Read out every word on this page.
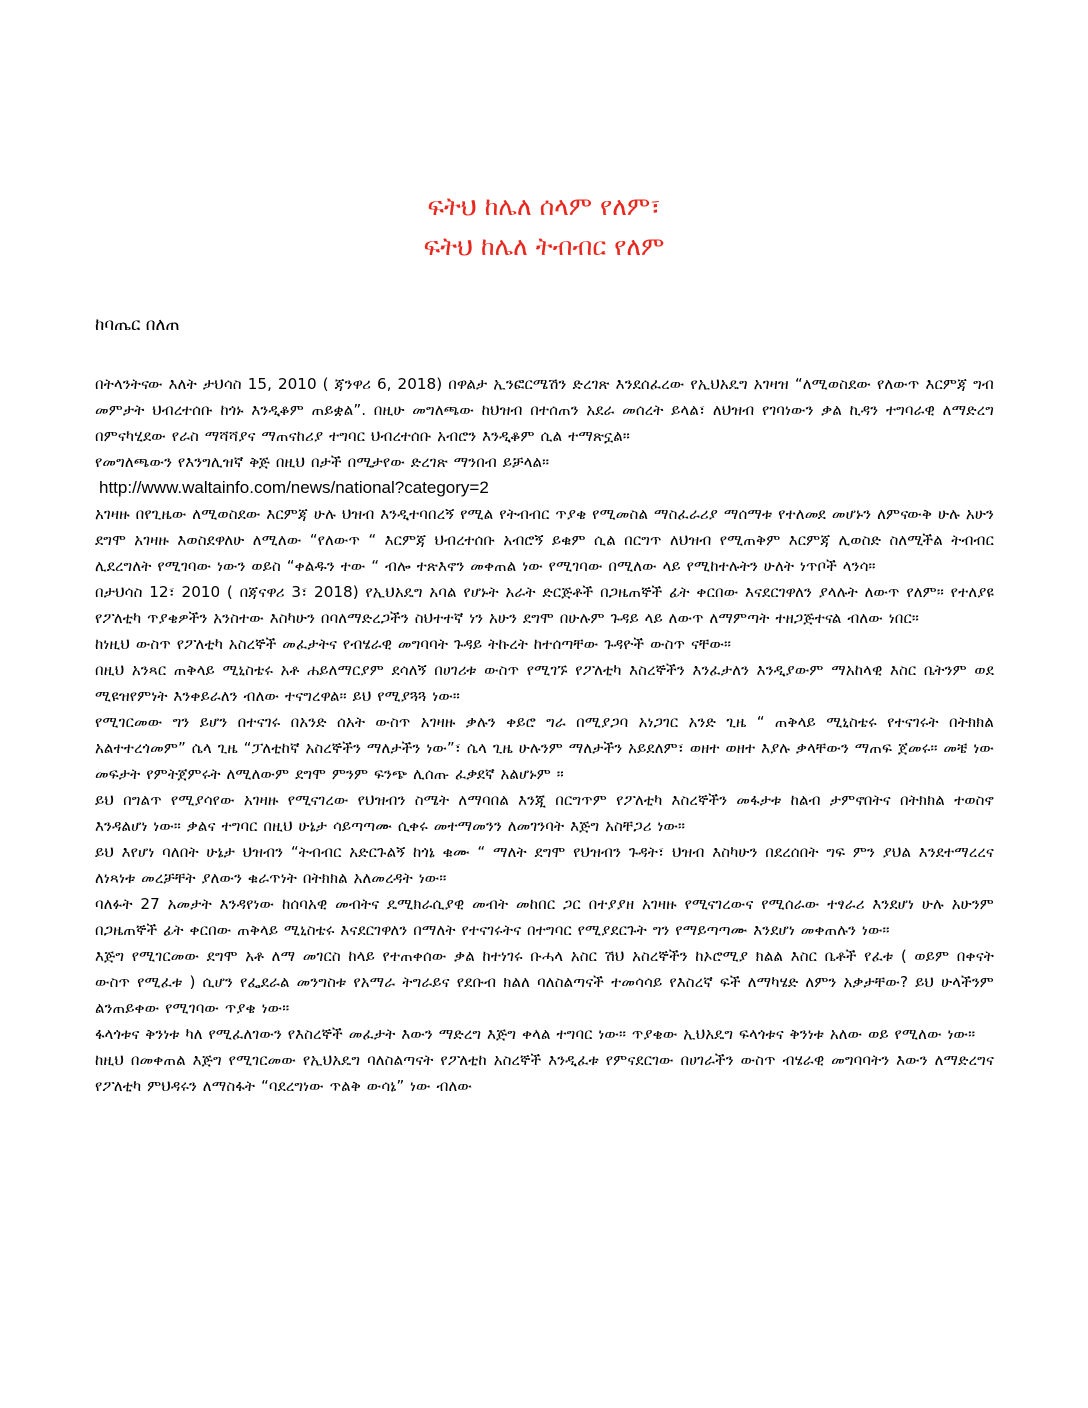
ፍትህ ከሌለ ሰላም የለም፣

ፍትህ ከሌለ ትብብር የለም

ከባጤር በለጠ

በትላንትናው እለት ታህሳስ 15, 2010 ( ጃንዋሪ 6, 2018) በዋልታ ኢንፎርሜሽን ድረገጽ እንደሰፈረው የኢህአዴግ አገዛዝ “ለሚወስደው የለውጥ እርምጃ ግብ መምታት ህብረተሰቡ ከጎኑ እንዲቆም ጠይቋል”. በዚሁ መግለጫው ከህዝብ በተሰጠን አደራ መሰረት ይላል፣ ለህዝብ የገባነውን ቃል ኪዳን ተግባራዊ ለማድረግ በምናካሂደው የራስ ማሻሻያና ማጠናከሪያ ተግባር ህብረተሰቡ አብሮን እንዲቆም ሲል ተማጽኗል።

የመግለጫውን የእንግሊዝኛ ቅጅ በዚህ በታች በሚታየው ድረገጽ ማንበብ ይቻላል።

http://www.waltainfo.com/news/national?category=2

አገዛዙ በየጊዜው ለሚወስደው እርምጃ ሁሉ ህዝብ እንዲተባበረኝ የሚል የትብብር ጥያቄ የሚመስል ማስፈራሪያ ማሰማቱ የተለመደ መሆኑን ለምናውቅ ሁሉ አሁን ደግሞ አገዛዙ እወስደዋለሁ ለሚለው “የለውጥ “ እርምጃ ህብረተሰቡ አብሮኝ ይቁም ሲል በርግጥ ለህዝብ የሚጠቅም እርምጃ ሊወስድ ስለሚችል ትብብር ሊደረግለት የሚገባው ነውን ወይስ “ቀልዱን ተው “ ብሎ ተጽእኖን መቀጠል ነው የሚገባው በሚለው ላይ የሚከተሉትን ሁለት ነጥቦች ላንሳ።

በታህሳስ 12፣ 2010 ( በጃናዋሪ 3፣ 2018) የኢህአዴግ አባል የሆኑት አራት ድርጅቶች በጋዜጠኞች ፊት ቀርበው እናደርገዋለን ያላሉት ለውጥ የለም። የተለያዩ የፖለቲካ ጥያቄዎችን አንስተው እስካሁን በባለማድረጋችን ስህተተኛ ነን አሁን ደግሞ በሁሉም ጉዳይ ላይ ለውጥ ለማምጣት ተዘጋጅተናል ብለው ነበር።

ከነዚህ ውስጥ የፖለቲካ አስረኞች መፈታትና የብሄራዊ መግባባት ጉዳይ ትኩረት ከተሰጣቸው ጉዳዮች ውስጥ ናቸው።

በዚህ አንጻር ጠቅላይ ሚኒስቴሩ አቶ ሐይለማርያም ደሳለኝ በሀገሪቱ ውስጥ የሚገኙ የፖለቲካ እስረኞችን እንፈታለን እንዲያውም ማአከላዊ እስር ቤትንም ወደ ሚዩዝየምነት እንቀይራለን ብለው ተናግረዋል። ይህ የሚያጓጓ ነው።

የሚገርመው ግን ይሆን በተናገሩ በአንድ ሰአት ውስጥ አገዛዙ ቃሉን ቀይሮ ግራ በሚያጋባ አነጋገር አንድ ጊዜ “ ጠቅላይ ሚኒስቴሩ የተናገሩት በትክክል አልተተረጎመም” ሴላ ጊዜ “ፓለቲከኛ አስረኞችን ማለታችን ነው”፣ ሴላ ጊዜ ሁሉንም ማለታችን አይደለም፣ ወዘተ ወዘተ እያሉ ቃላቸውን ማጠፍ ጀመሩ። መቼ ነው መፍታት የምትጀምሩት ለሚለውም ደግሞ ምንም ፍንጭ ሊሰጡ ፈቃደኛ አልሆኑም ።

ይህ በግልጥ የሚያሳየው አገዛዙ የሚናገረው የህዝብን ስሜት ለማባበል እንጂ በርግጥም የፖለቲካ እስረኞችን መፋታቱ ከልብ ታምኖበትና በትክክል ተወስኖ እንዳልሆነ ነው። ቃልና ተግባር በዚህ ሁኔታ ሳይጣጣሙ ሲቀሩ መተማመንን ለመገንባት እጅግ አስቸጋሪ ነው።

ይህ እየሆነ ባለበት ሁኔታ ህዝብን “ትብብር አድርጉልኝ ከጎኔ ቁሙ “ ማለት ደግሞ የህዝብን ጉዳት፣ ህዝብ እስካሁን በደረሰበት ግፍ ምን ያህል እንደተማረረና ለነጻነቱ መረቻቸት ያለውን ቁራጥነት በትክክል አለመረዳት ነው።

ባለፉት 27 አመታት እንዳየነው ከሰባአዊ መብትና ዴሚክራሲያዊ መብት መከበር ጋር በተያያዘ አገዛዙ የሚናገረውና የሚሰራው ተፃራሪ እንደሆነ ሁሉ አሁንም በጋዜጠኞች ፊት ቀርበው ጠቅላይ ሚኒስቴሩ እናደርገዋለን በማለት የተናገሩትና በተግባር የሚያደርጉት ግን የማይጣጣሙ እንደሆነ መቀጠሉን ነው።

እጅግ የሚገርመው ደግሞ አቶ ለማ መገርስ ከላይ የተጠቀሰው ቃል ከተነገሩ ቡሓላ አስር ሽህ አስረኞችን ከኦሮሚያ ክልል እስር ቤቶች የፈቱ ( ወይም በቀናት ውስጥ የሚፈቱ ) ሲሆን የፌደራል መንግስቱ የአማራ ትግራይና የደቡብ ክልለ ባለስልጣናች ተመሳሳይ የእስረኛ ፍች ለማካሄድ ለምን አቃታቸው? ይህ ሁላችንም ልንጠይቀው የሚገባው ጥያቄ ነው።

ፋላጎቱና ቅንነቱ ካለ የሚፈለገውን የእስረኞች መፈታት እውን ማድረግ እጅግ ቀላል ተግባር ነው። ጥያቄው ኢህአዴግ ፍላጎቱና ቅንነቱ አለው ወይ የሚለው ነው።

ከዚህ በመቀጠል እጅግ የሚገርመው የኢህአዴግ ባለስልጣናት የፖለቲከ አስረኞች እንዲፈቱ የምናደርገው በሀገራችን ውስጥ ብሄራዊ መግባባትን እውን ለማድረግና የፖለቲካ ምህዳሩን ለማስፋት “ባደረግነው ጥልቅ ውሳኔ” ነው ብለው
